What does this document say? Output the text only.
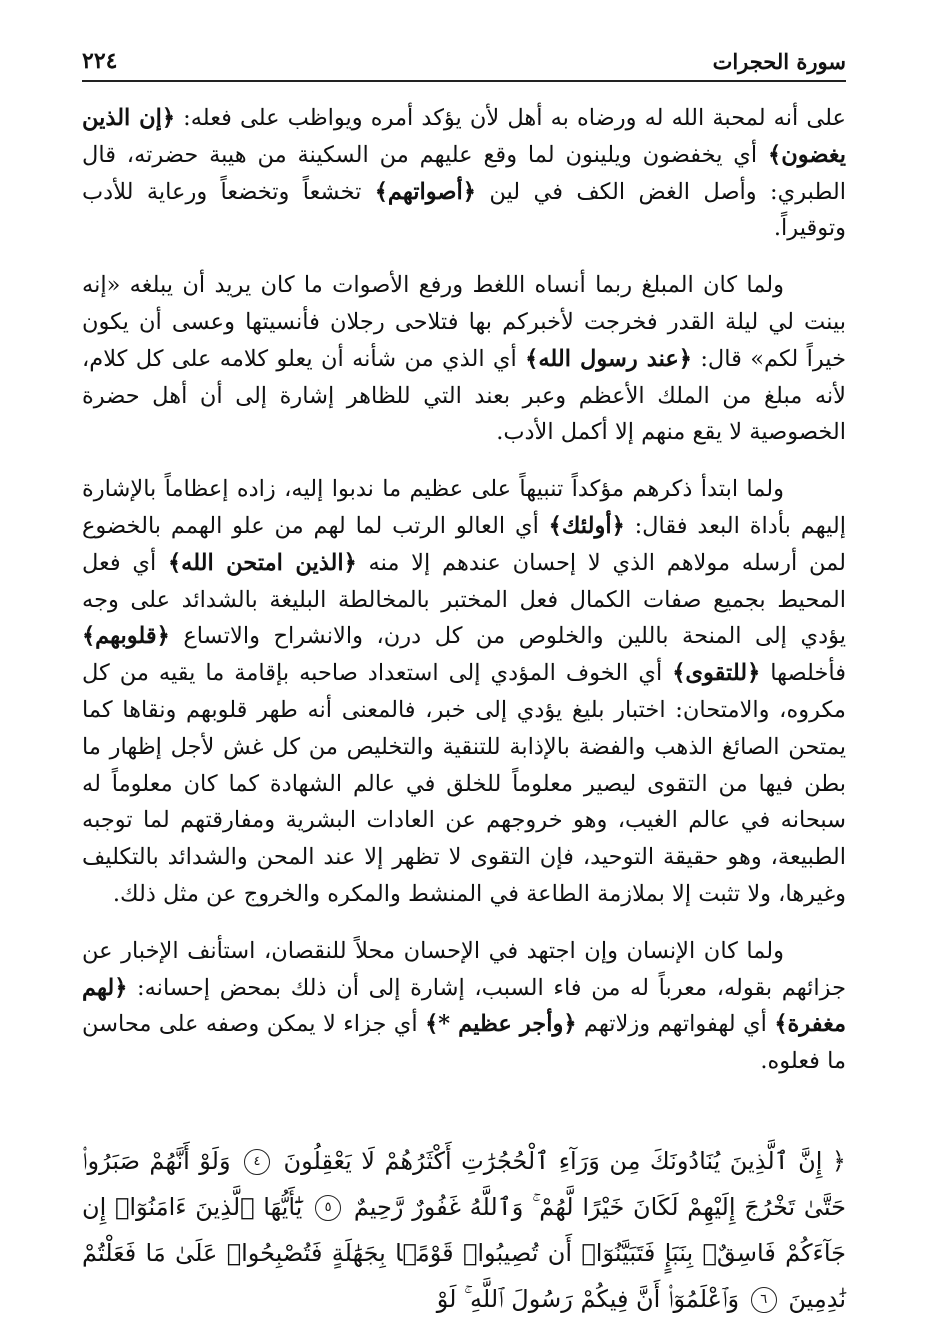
سورة الحجرات
٢٢٤

على أنه لمحبة الله له ورضاه به أهل لأن يؤكد أمره ويواظب على فعله: ﴿إن الذين يغضون﴾ أي يخفضون ويلينون لما وقع عليهم من السكينة من هيبة حضرته، قال الطبري: وأصل الغض الكف في لين ﴿أصواتهم﴾ تخشعاً وتخضعاً ورعاية للأدب وتوقيراً.

ولما كان المبلغ ربما أنساه اللغط ورفع الأصوات ما كان يريد أن يبلغه «إنه بينت لي ليلة القدر فخرجت لأخبركم بها فتلاحى رجلان فأنسيتها وعسى أن يكون خيراً لكم» قال: ﴿عند رسول الله﴾ أي الذي من شأنه أن يعلو كلامه على كل كلام، لأنه مبلغ من الملك الأعظم وعبر بعند التي للظاهر إشارة إلى أن أهل حضرة الخصوصية لا يقع منهم إلا أكمل الأدب.

ولما ابتدأ ذكرهم مؤكداً تنبيهاً على عظيم ما ندبوا إليه، زاده إعظاماً بالإشارة إليهم بأداة البعد فقال: ﴿أولئك﴾ أي العالو الرتب لما لهم من علو الهمم بالخضوع لمن أرسله مولاهم الذي لا إحسان عندهم إلا منه ﴿الذين امتحن الله﴾ أي فعل المحيط بجميع صفات الكمال فعل المختبر بالمخالطة البليغة بالشدائد على وجه يؤدي إلى المنحة باللين والخلوص من كل درن، والانشراح والاتساع ﴿قلوبهم﴾ فأخلصها ﴿للتقوى﴾ أي الخوف المؤدي إلى استعداد صاحبه بإقامة ما يقيه من كل مكروه، والامتحان: اختبار بليغ يؤدي إلى خبر، فالمعنى أنه طهر قلوبهم ونقاها كما يمتحن الصائغ الذهب والفضة بالإذابة للتنقية والتخليص من كل غش لأجل إظهار ما بطن فيها من التقوى ليصير معلوماً للخلق في عالم الشهادة كما كان معلوماً له سبحانه في عالم الغيب، وهو خروجهم عن العادات البشرية ومفارقتهم لما توجبه الطبيعة، وهو حقيقة التوحيد، فإن التقوى لا تظهر إلا عند المحن والشدائد بالتكليف وغيرها، ولا تثبت إلا بملازمة الطاعة في المنشط والمكره والخروج عن مثل ذلك.

ولما كان الإنسان وإن اجتهد في الإحسان محلاً للنقصان، استأنف الإخبار عن جزائهم بقوله، معرباً له من فاء السبب، إشارة إلى أن ذلك بمحض إحسانه: ﴿لهم مغفرة﴾ أي لهفواتهم وزلاتهم ﴿وأجر عظيم *﴾ أي جزاء لا يمكن وصفه على محاسن ما فعلوه.

﴿ إِنَّ ٱلَّذِينَ يُنَادُونَكَ مِن وَرَآءِ ٱلْحُجُرَٰتِ أَكْثَرُهُمْ لَا يَعْقِلُونَ ٤ وَلَوْ أَنَّهُمْ صَبَرُوا۟ حَتَّىٰ تَخْرُجَ إِلَيْهِمْ لَكَانَ خَيْرًا لَّهُمْ ۚ وَٱللَّهُ غَفُورٌ رَّحِيمٌ ٥ يَٰٓأَيُّهَا ٱلَّذِينَ ءَامَنُوٓا۟ إِن جَآءَكُمْ فَاسِقٌۢ بِنَبَإٍ فَتَبَيَّنُوٓا۟ أَن تُصِيبُوا۟ قَوْمًۢا بِجَهَٰلَةٍ فَتُصْبِحُوا۟ عَلَىٰ مَا فَعَلْتُمْ نَٰدِمِينَ ٦ وَٱعْلَمُوٓا۟ أَنَّ فِيكُمْ رَسُولَ ٱللَّهِ ۚ لَوْ
